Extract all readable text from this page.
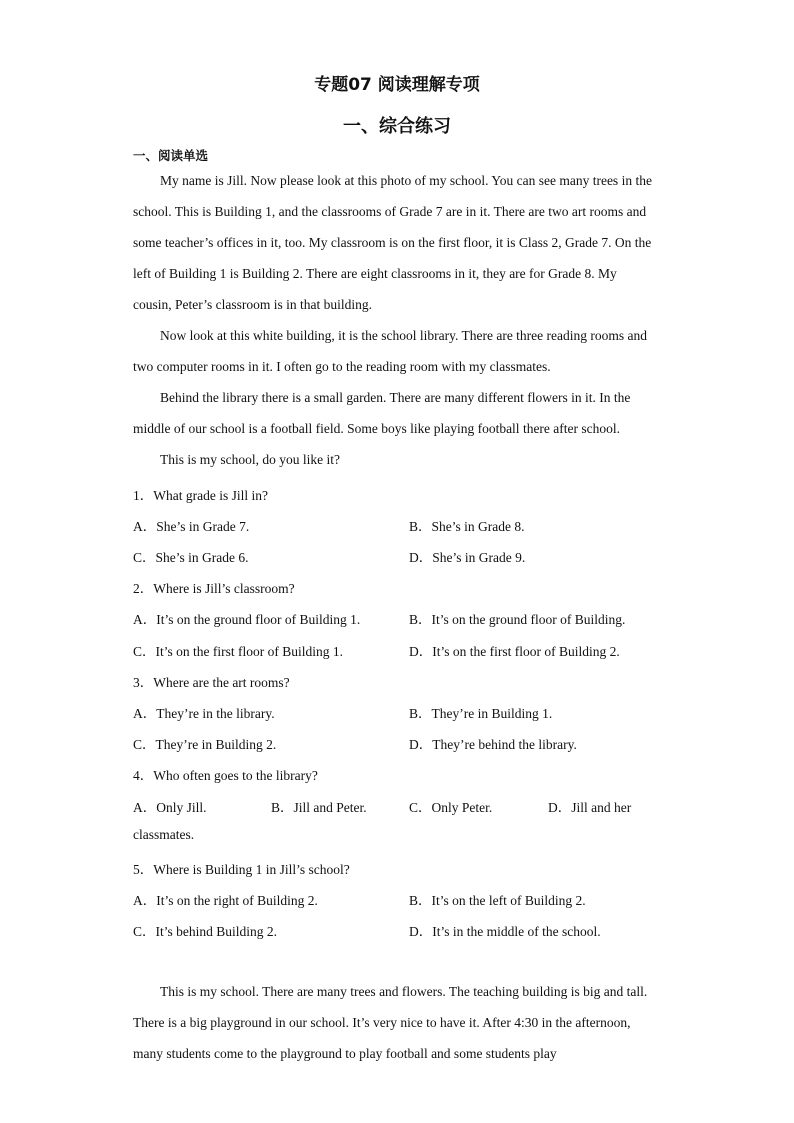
专题07 阅读理解专项
一、综合练习
一、阅读单选
My name is Jill. Now please look at this photo of my school. You can see many trees in the school. This is Building 1, and the classrooms of Grade 7 are in it. There are two art rooms and some teacher’s offices in it, too. My classroom is on the first floor, it is Class 2, Grade 7. On the left of Building 1 is Building 2. There are eight classrooms in it, they are for Grade 8. My cousin, Peter’s classroom is in that building.
Now look at this white building, it is the school library. There are three reading rooms and two computer rooms in it. I often go to the reading room with my classmates.
Behind the library there is a small garden. There are many different flowers in it. In the middle of our school is a football field. Some boys like playing football there after school.
This is my school, do you like it?
1．What grade is Jill in?
A．She’s in Grade 7.	B．She’s in Grade 8.
C．She’s in Grade 6.	D．She’s in Grade 9.
2．Where is Jill’s classroom?
A．It’s on the ground floor of Building 1.	B．It’s on the ground floor of Building.
C．It’s on the first floor of Building 1.	D．It’s on the first floor of Building 2.
3．Where are the art rooms?
A．They’re in the library.	B．They’re in Building 1.
C．They’re in Building 2.	D．They’re behind the library.
4．Who often goes to the library?
A．Only Jill.	B．Jill and Peter.	C．Only Peter.	D．Jill and her
classmates.
5．Where is Building 1 in Jill’s school?
A．It’s on the right of Building 2.	B．It’s on the left of Building 2.
C．It’s behind Building 2.	D．It’s in the middle of the school.
This is my school. There are many trees and flowers. The teaching building is big and tall. There is a big playground in our school. It’s very nice to have it. After 4:30 in the afternoon, many students come to the playground to play football and some students play
